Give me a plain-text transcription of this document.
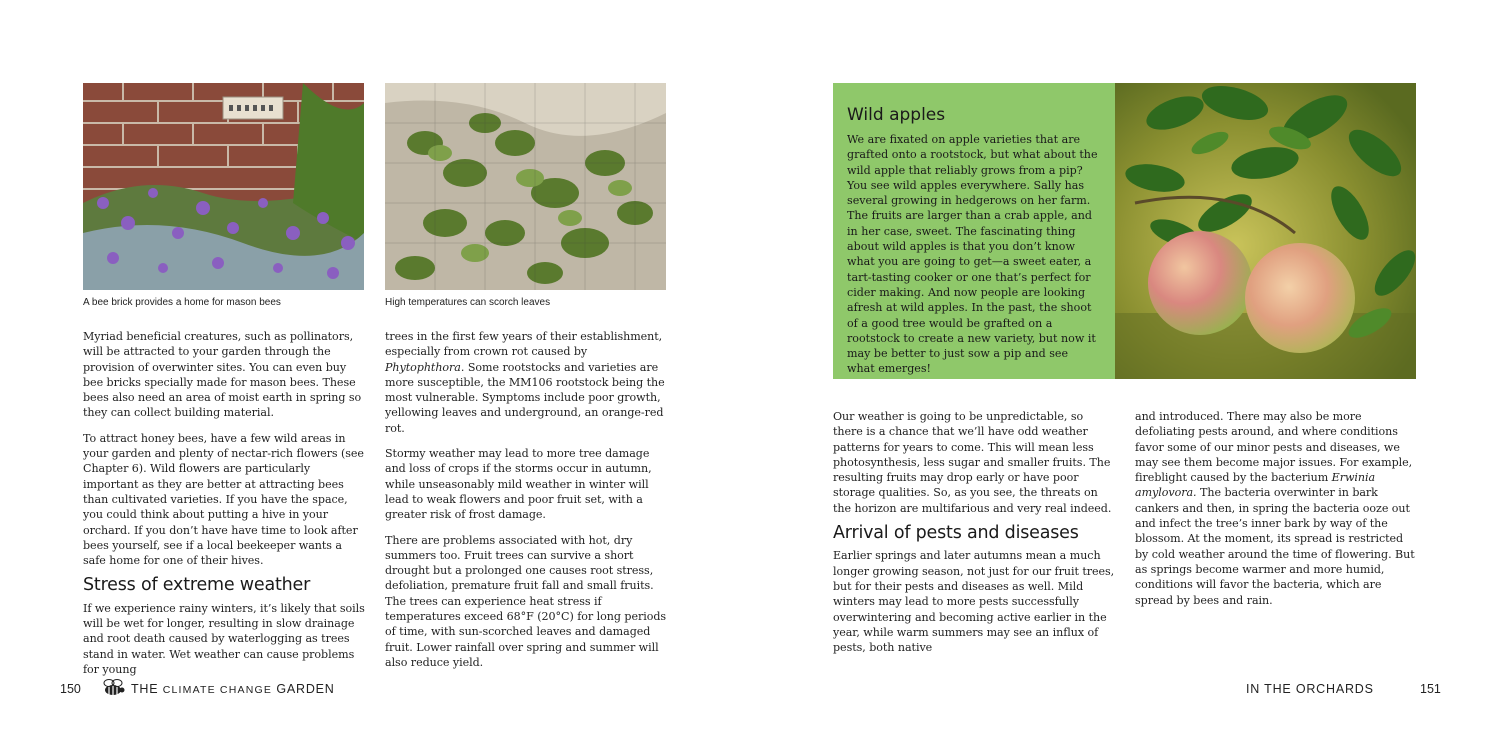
A bee brick provides a home for mason bees	High temperatures can scorch leaves

Myriad beneficial creatures, such as pollinators, will be attracted to your garden through the provision of overwinter sites. You can even buy bee bricks specially made for mason bees. These bees also need an area of moist earth in spring so they can collect building material.

To attract honey bees, have a few wild areas in your garden and plenty of nectar-rich flowers (see Chapter 6). Wild flowers are particularly important as they are better at attracting bees than cultivated varieties. If you have the space, you could think about putting a hive in your orchard. If you don’t have have time to look after bees yourself, see if a local beekeeper wants a safe home for one of their hives.

Stress of extreme weather

If we experience rainy winters, it’s likely that soils will be wet for longer, resulting in slow drainage and root death caused by waterlogging as trees stand in water. Wet weather can cause problems for young

trees in the first few years of their establishment, especially from crown rot caused by Phytophthora. Some rootstocks and varieties are more susceptible, the MM106 rootstock being the most vulnerable. Symptoms include poor growth, yellowing leaves and underground, an orange-red rot.

Stormy weather may lead to more tree damage and loss of crops if the storms occur in autumn, while unseasonably mild weather in winter will lead to weak flowers and poor fruit set, with a greater risk of frost damage.

There are problems associated with hot, dry summers too. Fruit trees can survive a short drought but a prolonged one causes root stress, defoliation, premature fruit fall and small fruits. The trees can experience heat stress if temperatures exceed 68°F (20°C) for long periods of time, with sun-scorched leaves and damaged fruit. Lower rainfall over spring and summer will also reduce yield.

150	THE CLIMATE CHANGE GARDEN
Wild apples

We are fixated on apple varieties that are grafted onto a rootstock, but what about the wild apple that reliably grows from a pip? You see wild apples everywhere. Sally has several growing in hedgerows on her farm. The fruits are larger than a crab apple, and in her case, sweet. The fascinating thing about wild apples is that you don’t know what you are going to get—a sweet eater, a tart-tasting cooker or one that’s perfect for cider making. And now people are looking afresh at wild apples. In the past, the shoot of a good tree would be grafted on a rootstock to create a new variety, but now it may be better to just sow a pip and see what emerges!

Our weather is going to be unpredictable, so there is a chance that we’ll have odd weather patterns for years to come. This will mean less photosynthesis, less sugar and smaller fruits. The resulting fruits may drop early or have poor storage qualities. So, as you see, the threats on the horizon are multifarious and very real indeed.

Arrival of pests and diseases

Earlier springs and later autumns mean a much longer growing season, not just for our fruit trees, but for their pests and diseases as well. Mild winters may lead to more pests successfully overwintering and becoming active earlier in the year, while warm summers may see an influx of pests, both native

and introduced. There may also be more defoliating pests around, and where conditions favor some of our minor pests and diseases, we may see them become major issues. For example, fireblight caused by the bacterium Erwinia amylovora. The bacteria overwinter in bark cankers and then, in spring the bacteria ooze out and infect the tree’s inner bark by way of the blossom. At the moment, its spread is restricted by cold weather around the time of flowering. But as springs become warmer and more humid, conditions will favor the bacteria, which are spread by bees and rain.

IN THE ORCHARDS	151
